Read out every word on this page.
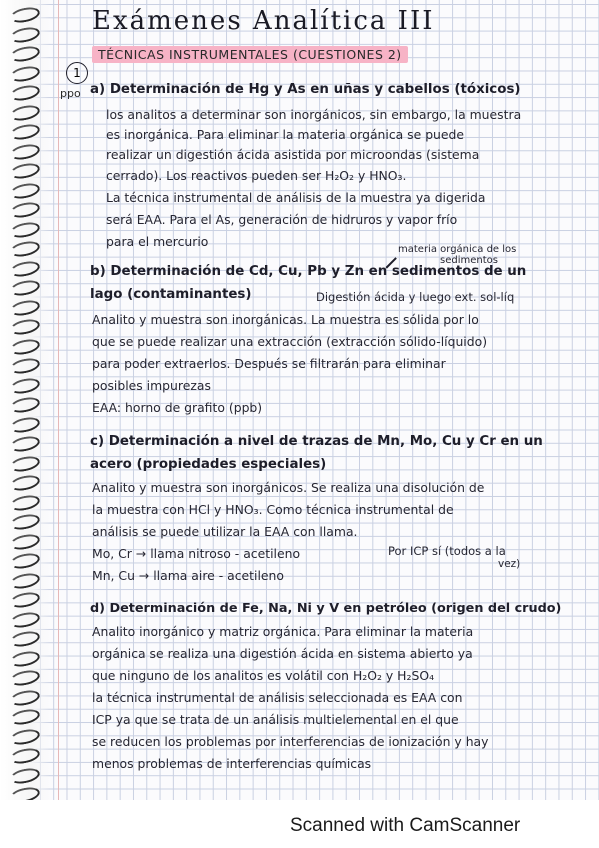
Exámenes Analítica III
TÉCNICAS INSTRUMENTALES (CUESTIONES 2)
1
ppo a) Determinación de Hg y As en uñas y cabellos (tóxicos)
los analitos a determinar son inorgánicos, sin embargo, la muestra
es inorgánica. Para eliminar la materia orgánica se puede
realizar un digestión ácida asistida por microondas (sistema
cerrado). Los reactivos pueden ser H₂O₂ y HNO₃.
La técnica instrumental de análisis de la muestra ya digerida
será EAA. Para el As, generación de hidruros y vapor frío
para el mercurio
materia orgánica de los
sedimentos
b) Determinación de Cd, Cu, Pb y Zn en sedimentos de un
lago (contaminantes)	Digestión ácida y luego ext. sol-líq
Analito y muestra son inorgánicas. La muestra es sólida por lo
que se puede realizar una extracción (extracción sólido-líquido)
para poder extraerlos. Después se filtrarán para eliminar
posibles impurezas
EAA: horno de grafito (ppb)
c) Determinación a nivel de trazas de Mn, Mo, Cu y Cr en un
acero (propiedades especiales)
Analito y muestra son inorgánicos. Se realiza una disolución de
la muestra con HCl y HNO₃. Como técnica instrumental de
análisis se puede utilizar la EAA con llama.
Mo, Cr → llama nitroso - acetileno
Mn, Cu → llama aire - acetileno
Por ICP sí (todos a la
vez)
d) Determinación de Fe, Na, Ni y V en petróleo (origen del crudo)
Analito inorgánico y matriz orgánica. Para eliminar la materia
orgánica se realiza una digestión ácida en sistema abierto ya
que ninguno de los analitos es volátil con H₂O₂ y H₂SO₄
la técnica instrumental de análisis seleccionada es EAA con
ICP ya que se trata de un análisis multielemental en el que
se reducen los problemas por interferencias de ionización y hay
menos problemas de interferencias químicas
Scanned with CamScanner
